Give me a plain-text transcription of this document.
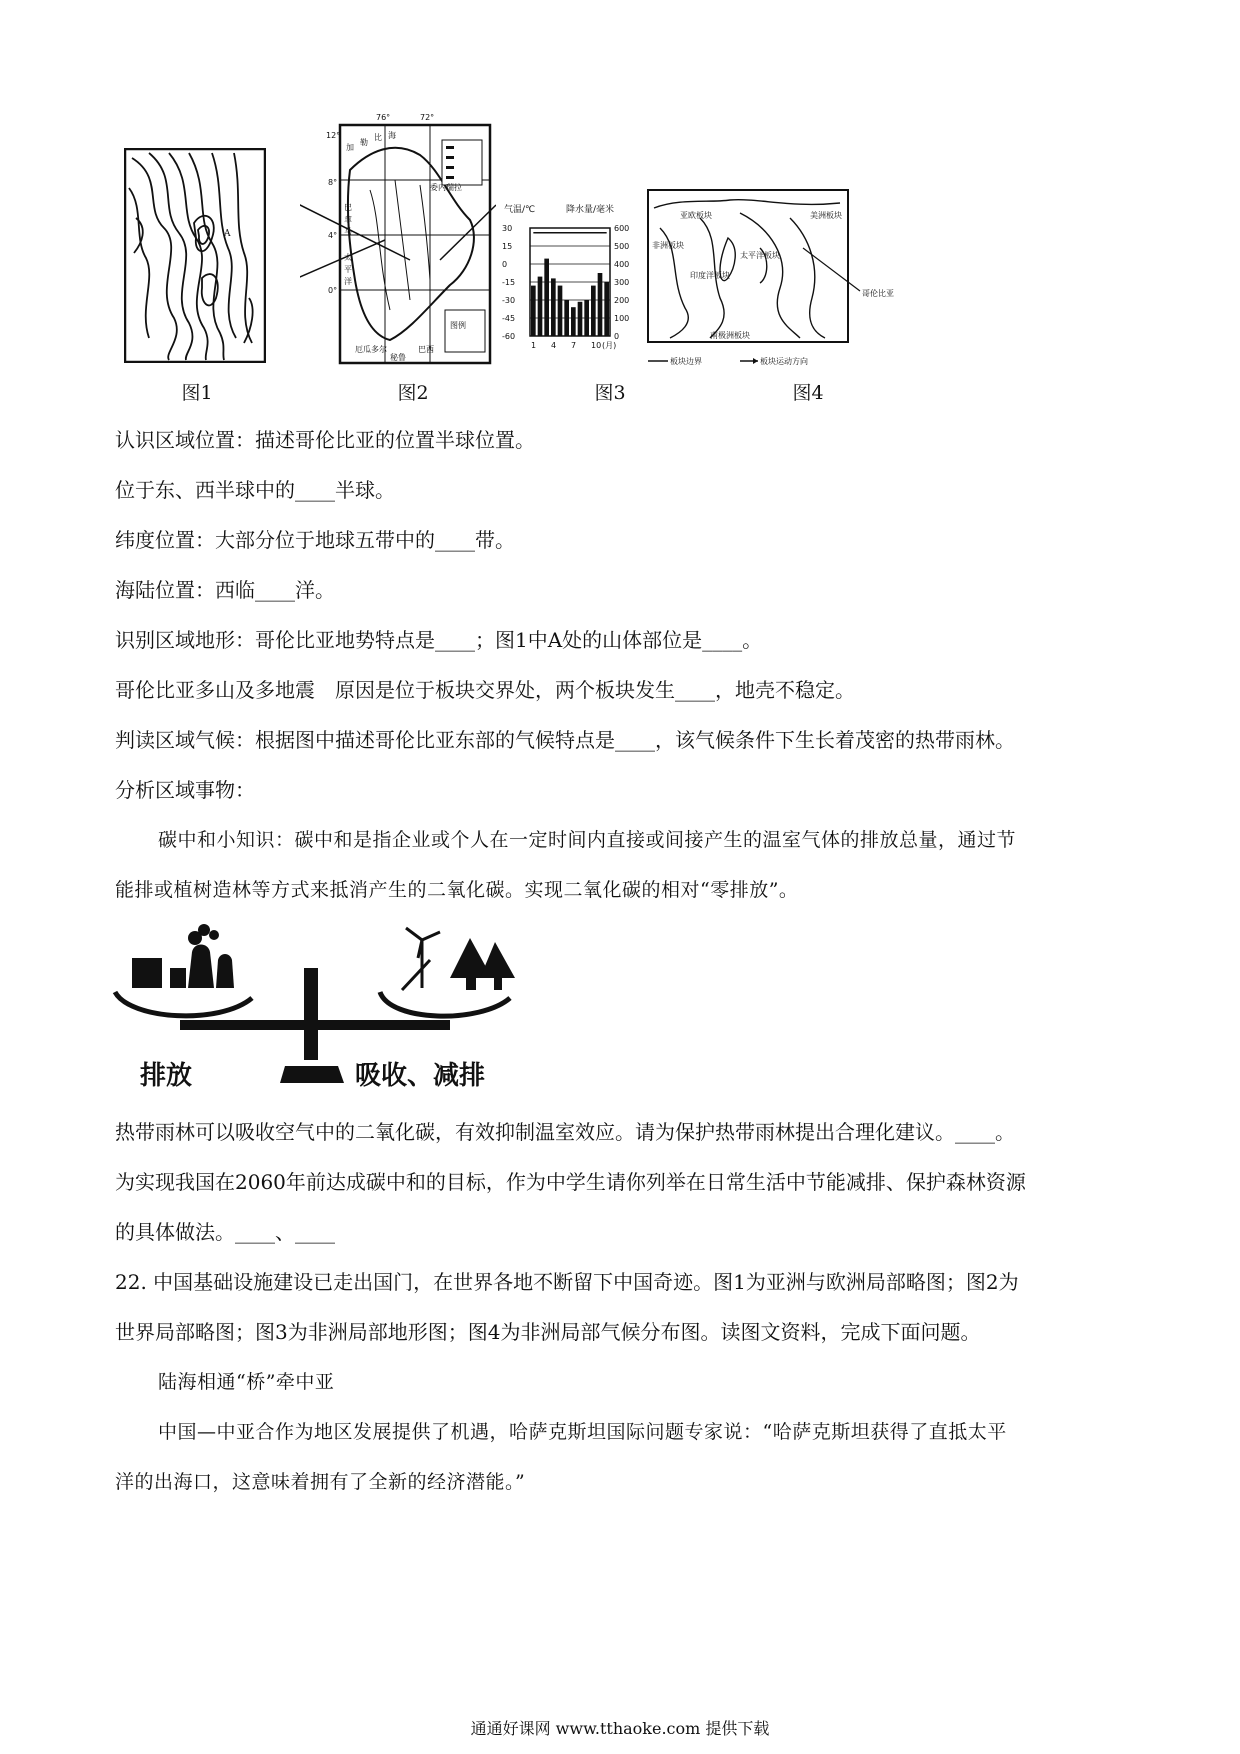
A
图1
76°	72°
12°
8°
4°
0°
加
勒
比 海
巴
拿
马
太
平
洋
委内瑞拉
巴西
厄瓜多尔
秘鲁
图例
图2
气温/℃	降水量/毫米
30
15
0
-15
-30
-45
-60
600
500
400
300
200
100
0
1 4 7 10 (月)
图3
亚欧板块
太平洋板块
印度洋板块
南极洲板块
非洲板块
美洲板块
哥伦比亚
板块边界	板块运动方向
图4
认识区域位置：描述哥伦比亚的位置半球位置。
位于东、西半球中的____半球。
纬度位置：大部分位于地球五带中的____带。
海陆位置：西临____洋。
识别区域地形：哥伦比亚地势特点是____；图1中A处的山体部位是____。
哥伦比亚多山及多地震　原因是位于板块交界处，两个板块发生____，地壳不稳定。
判读区域气候：根据图中描述哥伦比亚东部的气候特点是____，该气候条件下生长着茂密的热带雨林。
分析区域事物：
碳中和小知识：碳中和是指企业或个人在一定时间内直接或间接产生的温室气体的排放总量，通过节
能排或植树造林等方式来抵消产生的二氧化碳。实现二氧化碳的相对“零排放”。
排放	吸收、减排
热带雨林可以吸收空气中的二氧化碳，有效抑制温室效应。请为保护热带雨林提出合理化建议。____。
为实现我国在2060年前达成碳中和的目标，作为中学生请你列举在日常生活中节能减排、保护森林资源
的具体做法。____、____
22. 中国基础设施建设已走出国门，在世界各地不断留下中国奇迹。图1为亚洲与欧洲局部略图；图2为
世界局部略图；图3为非洲局部地形图；图4为非洲局部气候分布图。读图文资料，完成下面问题。
陆海相通“桥”牵中亚
中国—中亚合作为地区发展提供了机遇，哈萨克斯坦国际问题专家说：“哈萨克斯坦获得了直抵太平
洋的出海口，这意味着拥有了全新的经济潜能。”
通通好课网 www.tthaoke.com 提供下载
